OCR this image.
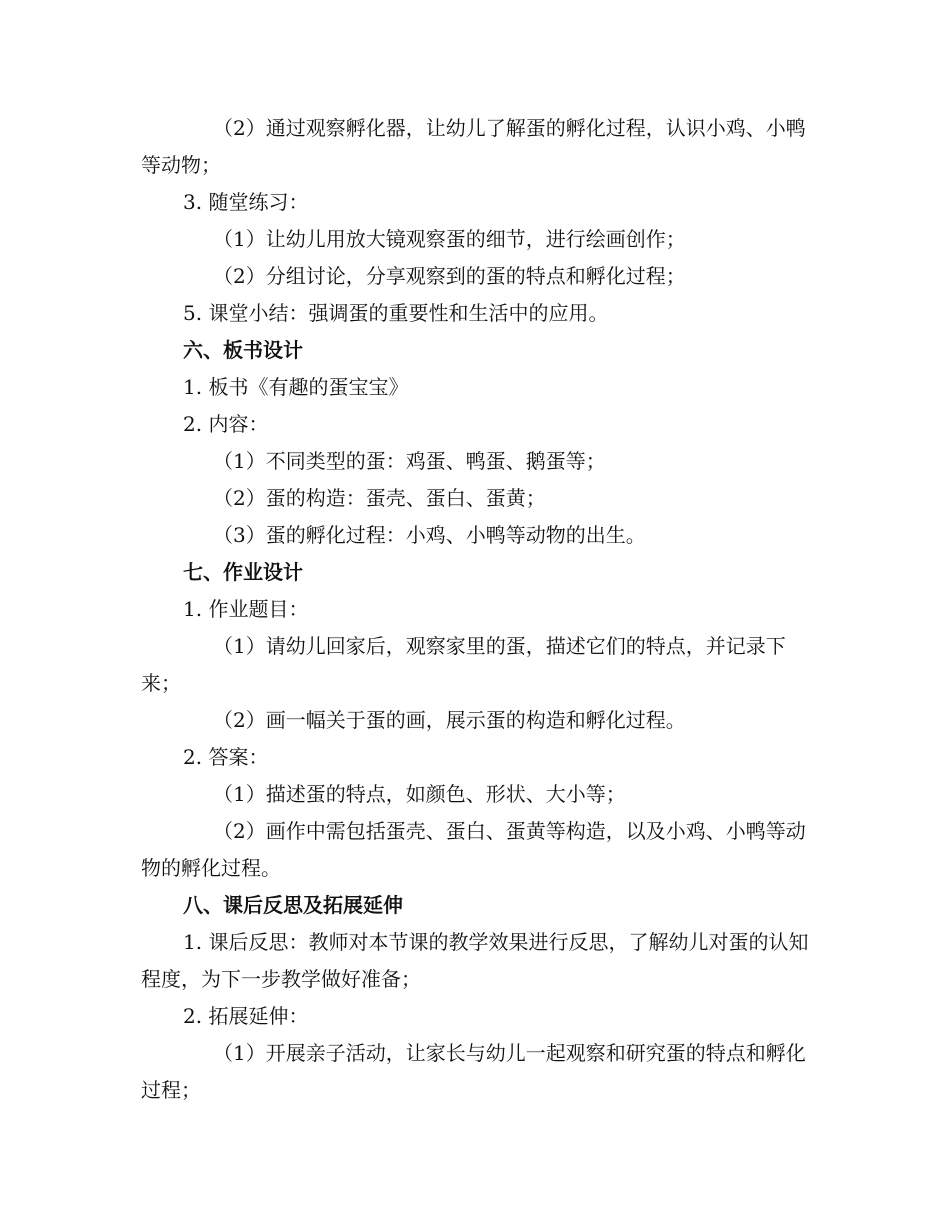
（2）通过观察孵化器，让幼儿了解蛋的孵化过程，认识小鸡、小鸭等动物；

3. 随堂练习：

（1）让幼儿用放大镜观察蛋的细节，进行绘画创作；

（2）分组讨论，分享观察到的蛋的特点和孵化过程；

5. 课堂小结：强调蛋的重要性和生活中的应用。

六、板书设计

1. 板书《有趣的蛋宝宝》

2. 内容：

（1）不同类型的蛋：鸡蛋、鸭蛋、鹅蛋等；

（2）蛋的构造：蛋壳、蛋白、蛋黄；

（3）蛋的孵化过程：小鸡、小鸭等动物的出生。

七、作业设计

1. 作业题目：

（1）请幼儿回家后，观察家里的蛋，描述它们的特点，并记录下来；

（2）画一幅关于蛋的画，展示蛋的构造和孵化过程。

2. 答案：

（1）描述蛋的特点，如颜色、形状、大小等；

（2）画作中需包括蛋壳、蛋白、蛋黄等构造，以及小鸡、小鸭等动物的孵化过程。

八、课后反思及拓展延伸

1. 课后反思：教师对本节课的教学效果进行反思，了解幼儿对蛋的认知程度，为下一步教学做好准备；

2. 拓展延伸：

（1）开展亲子活动，让家长与幼儿一起观察和研究蛋的特点和孵化过程；
